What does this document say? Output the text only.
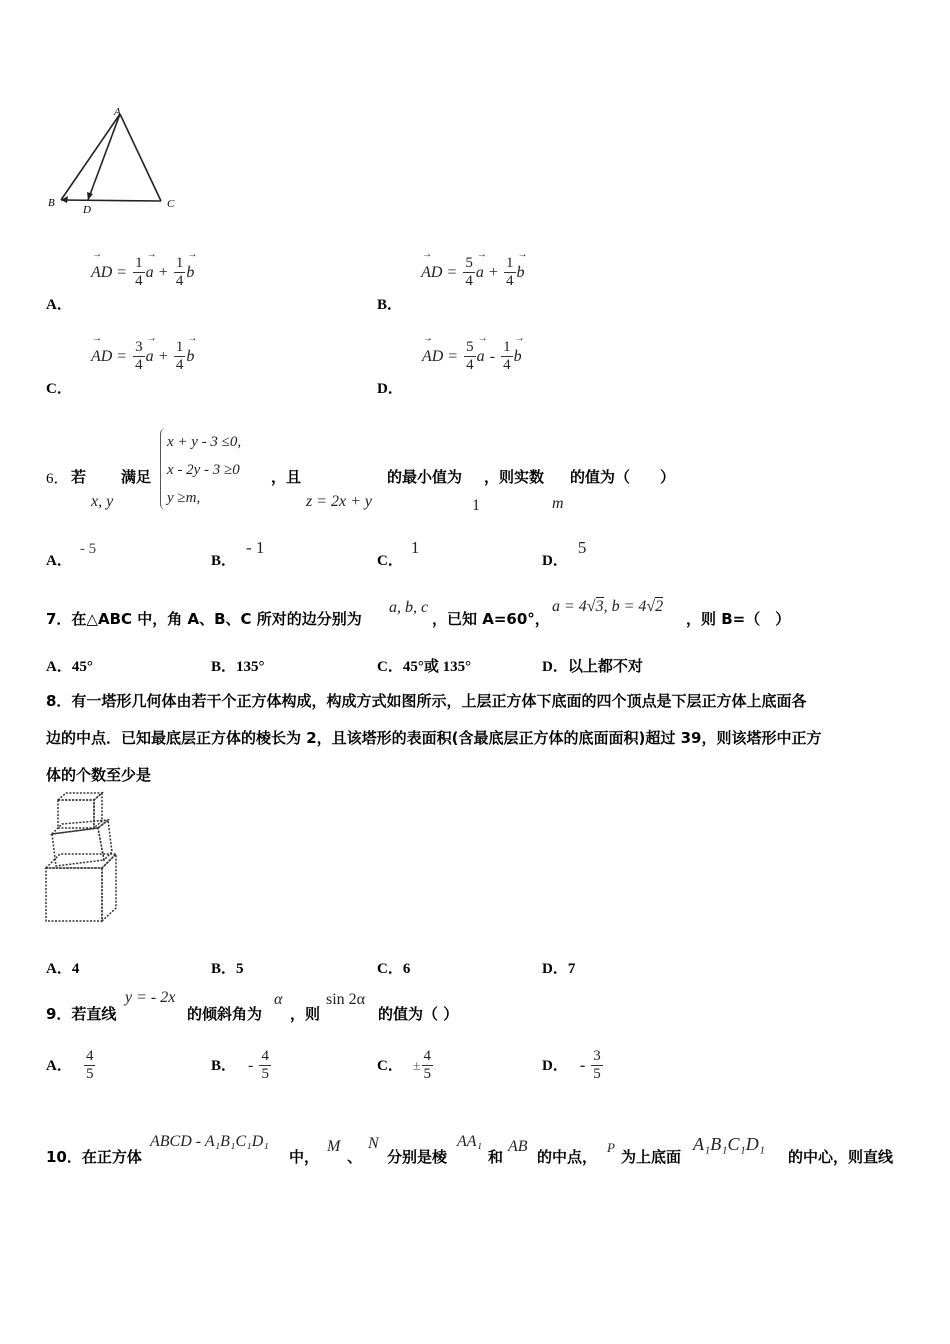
A
B
D	C
A． → AD = $\frac{1}{4}$
→ $a + \frac{1}{4}$
→ b
B． → AD = $\frac{5}{4}$
→ $a + \frac{1}{4}$
→ b
C． → AD = $\frac{3}{4}$
→ $a + \frac{1}{4}$
→ b
D． → AD = $\frac{5}{4}$
→ a - $\frac{1}{4}$
→ b
6． 若
x, y
满足
x + y - 3 ≤0,
x - 2y - 3 ≥0
y ≥m,
，且
z = 2x + y
的最小值为
1
，则实数
m
的值为（　　）
A．- 5
B．- 1
C．1
D．5
7．在△ABC 中，角 A、B、C 所对的边分别为
a, b, c
，已知 A=60°，
a = 4√3, b = 4√2
，则 B=（　）
A．45°	B．135°	C．45°或 135°	D．以上都不对
8．有一塔形几何体由若干个正方体构成，构成方式如图所示，上层正方体下底面的四个顶点是下层正方体上底面各
边的中点．已知最底层正方体的棱长为 2，且该塔形的表面积(含最底层正方体的底面面积)超过 39，则该塔形中正方
体的个数至少是
A．4	B．5	C．6	D．7
9．若直线
y = - 2x
的倾斜角为
α
，则
sin 2α
的值为（ ）
A． $\frac{4}{5}$	B． - $\frac{4}{5}$	C． ± $\frac{4}{5}$	D． - $\frac{3}{5}$
10．在正方体
ABCD - A₁B₁C₁D₁
中，
M
、
N
分别是棱
AA₁
和
AB
的中点，
P
为上底面
A₁B₁C₁D₁
的中心，则直线
